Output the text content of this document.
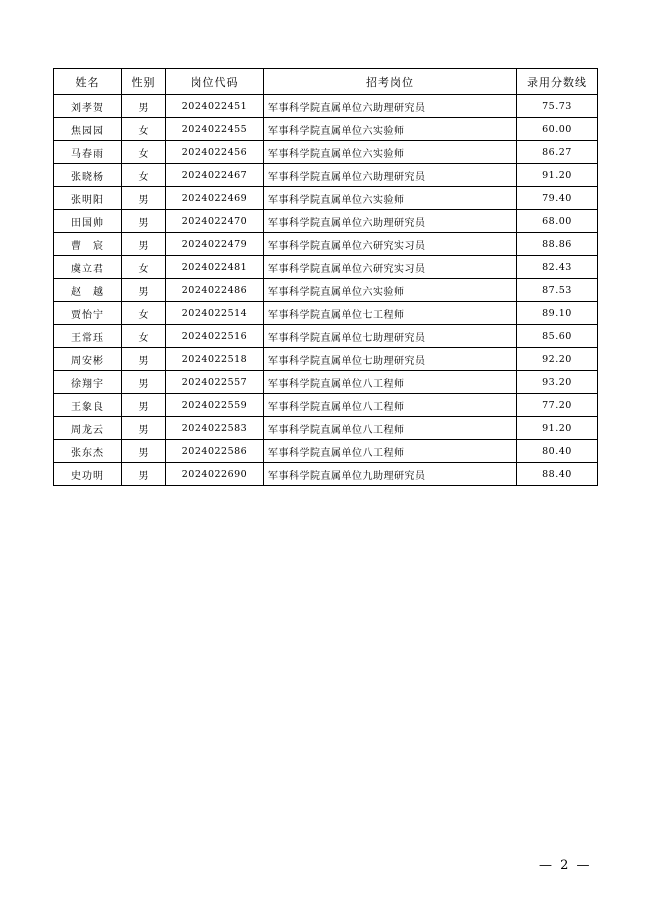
姓名	性别	岗位代码	招考岗位	录用分数线
刘孝贺	男	2024022451	军事科学院直属单位六助理研究员	75.73
焦园园	女	2024022455	军事科学院直属单位六实验师	60.00
马春雨	女	2024022456	军事科学院直属单位六实验师	86.27
张晓杨	女	2024022467	军事科学院直属单位六助理研究员	91.20
张明阳	男	2024022469	军事科学院直属单位六实验师	79.40
田国帅	男	2024022470	军事科学院直属单位六助理研究员	68.00
曹　宸	男	2024022479	军事科学院直属单位六研究实习员	88.86
虞立君	女	2024022481	军事科学院直属单位六研究实习员	82.43
赵　越	男	2024022486	军事科学院直属单位六实验师	87.53
贾怡宁	女	2024022514	军事科学院直属单位七工程师	89.10
王常珏	女	2024022516	军事科学院直属单位七助理研究员	85.60
周安彬	男	2024022518	军事科学院直属单位七助理研究员	92.20
徐翔宇	男	2024022557	军事科学院直属单位八工程师	93.20
王象良	男	2024022559	军事科学院直属单位八工程师	77.20
周龙云	男	2024022583	军事科学院直属单位八工程师	91.20
张东杰	男	2024022586	军事科学院直属单位八工程师	80.40
史功明	男	2024022690	军事科学院直属单位九助理研究员	88.40
— 2 —
